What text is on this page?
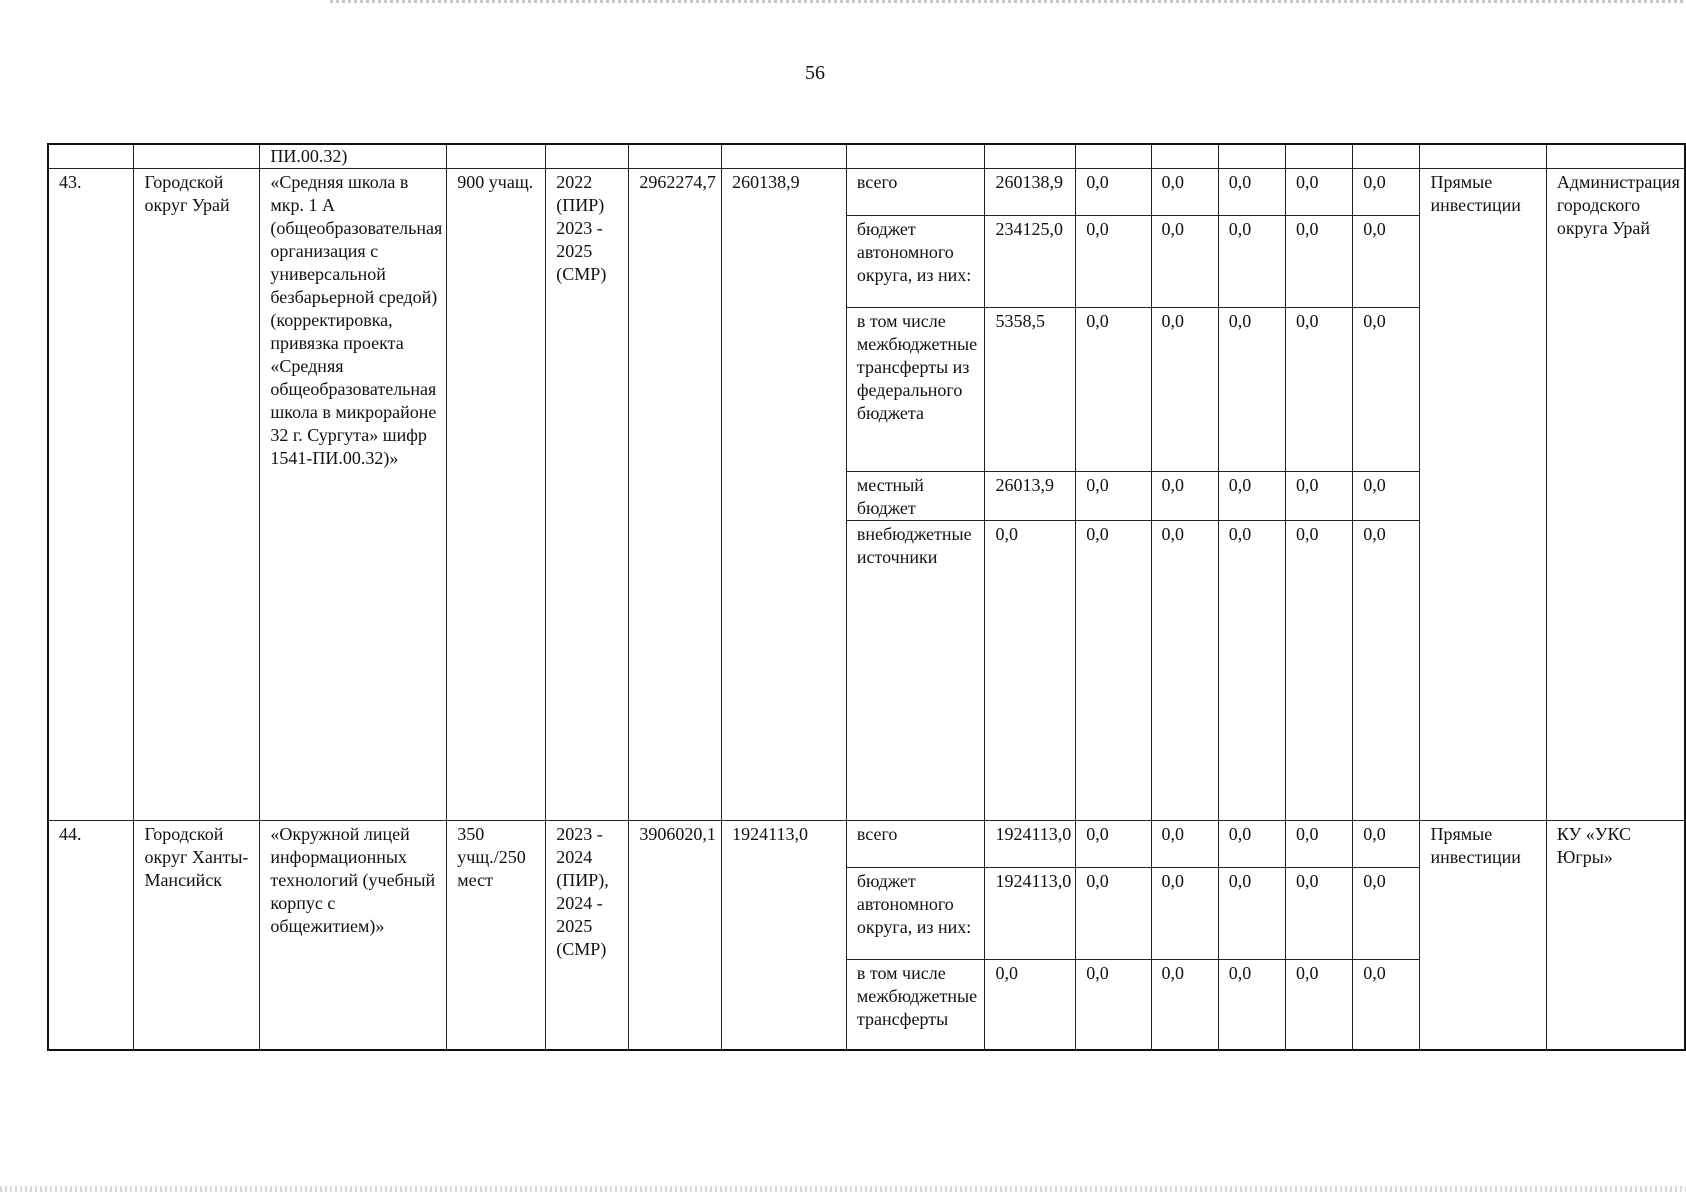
56
		ПИ.00.32)													
43.	Городской округ Урай	«Средняя школа в мкр. 1 А (общеобразовательная организация с универсальной безбарьерной средой) (корректировка, привязка проекта «Средняя общеобразовательная школа в микрорайоне 32 г. Сургута» шифр 1541-ПИ.00.32)»	900 учащ.	2022 (ПИР) 2023 - 2025 (СМР)	2962274,7	260138,9	всего	260138,9	0,0	0,0	0,0	0,0	0,0	Прямые инвестиции	Администрация городского округа Урай
							бюджет автономного округа, из них:	234125,0	0,0	0,0	0,0	0,0	0,0		
							в том числе межбюджетные трансферты из федерального бюджета	5358,5	0,0	0,0	0,0	0,0	0,0		
							местный бюджет	26013,9	0,0	0,0	0,0	0,0	0,0		
							внебюджетные источники	0,0	0,0	0,0	0,0	0,0	0,0		
44.	Городской округ Ханты-Мансийск	«Окружной лицей информационных технологий (учебный корпус с общежитием)»	350 учщ./250 мест	2023 - 2024 (ПИР), 2024 - 2025 (СМР)	3906020,1	1924113,0	всего	1924113,0	0,0	0,0	0,0	0,0	0,0	Прямые инвестиции	КУ «УКС Югры»
							бюджет автономного округа, из них:	1924113,0	0,0	0,0	0,0	0,0	0,0		
							в том числе межбюджетные трансферты	0,0	0,0	0,0	0,0	0,0	0,0		
